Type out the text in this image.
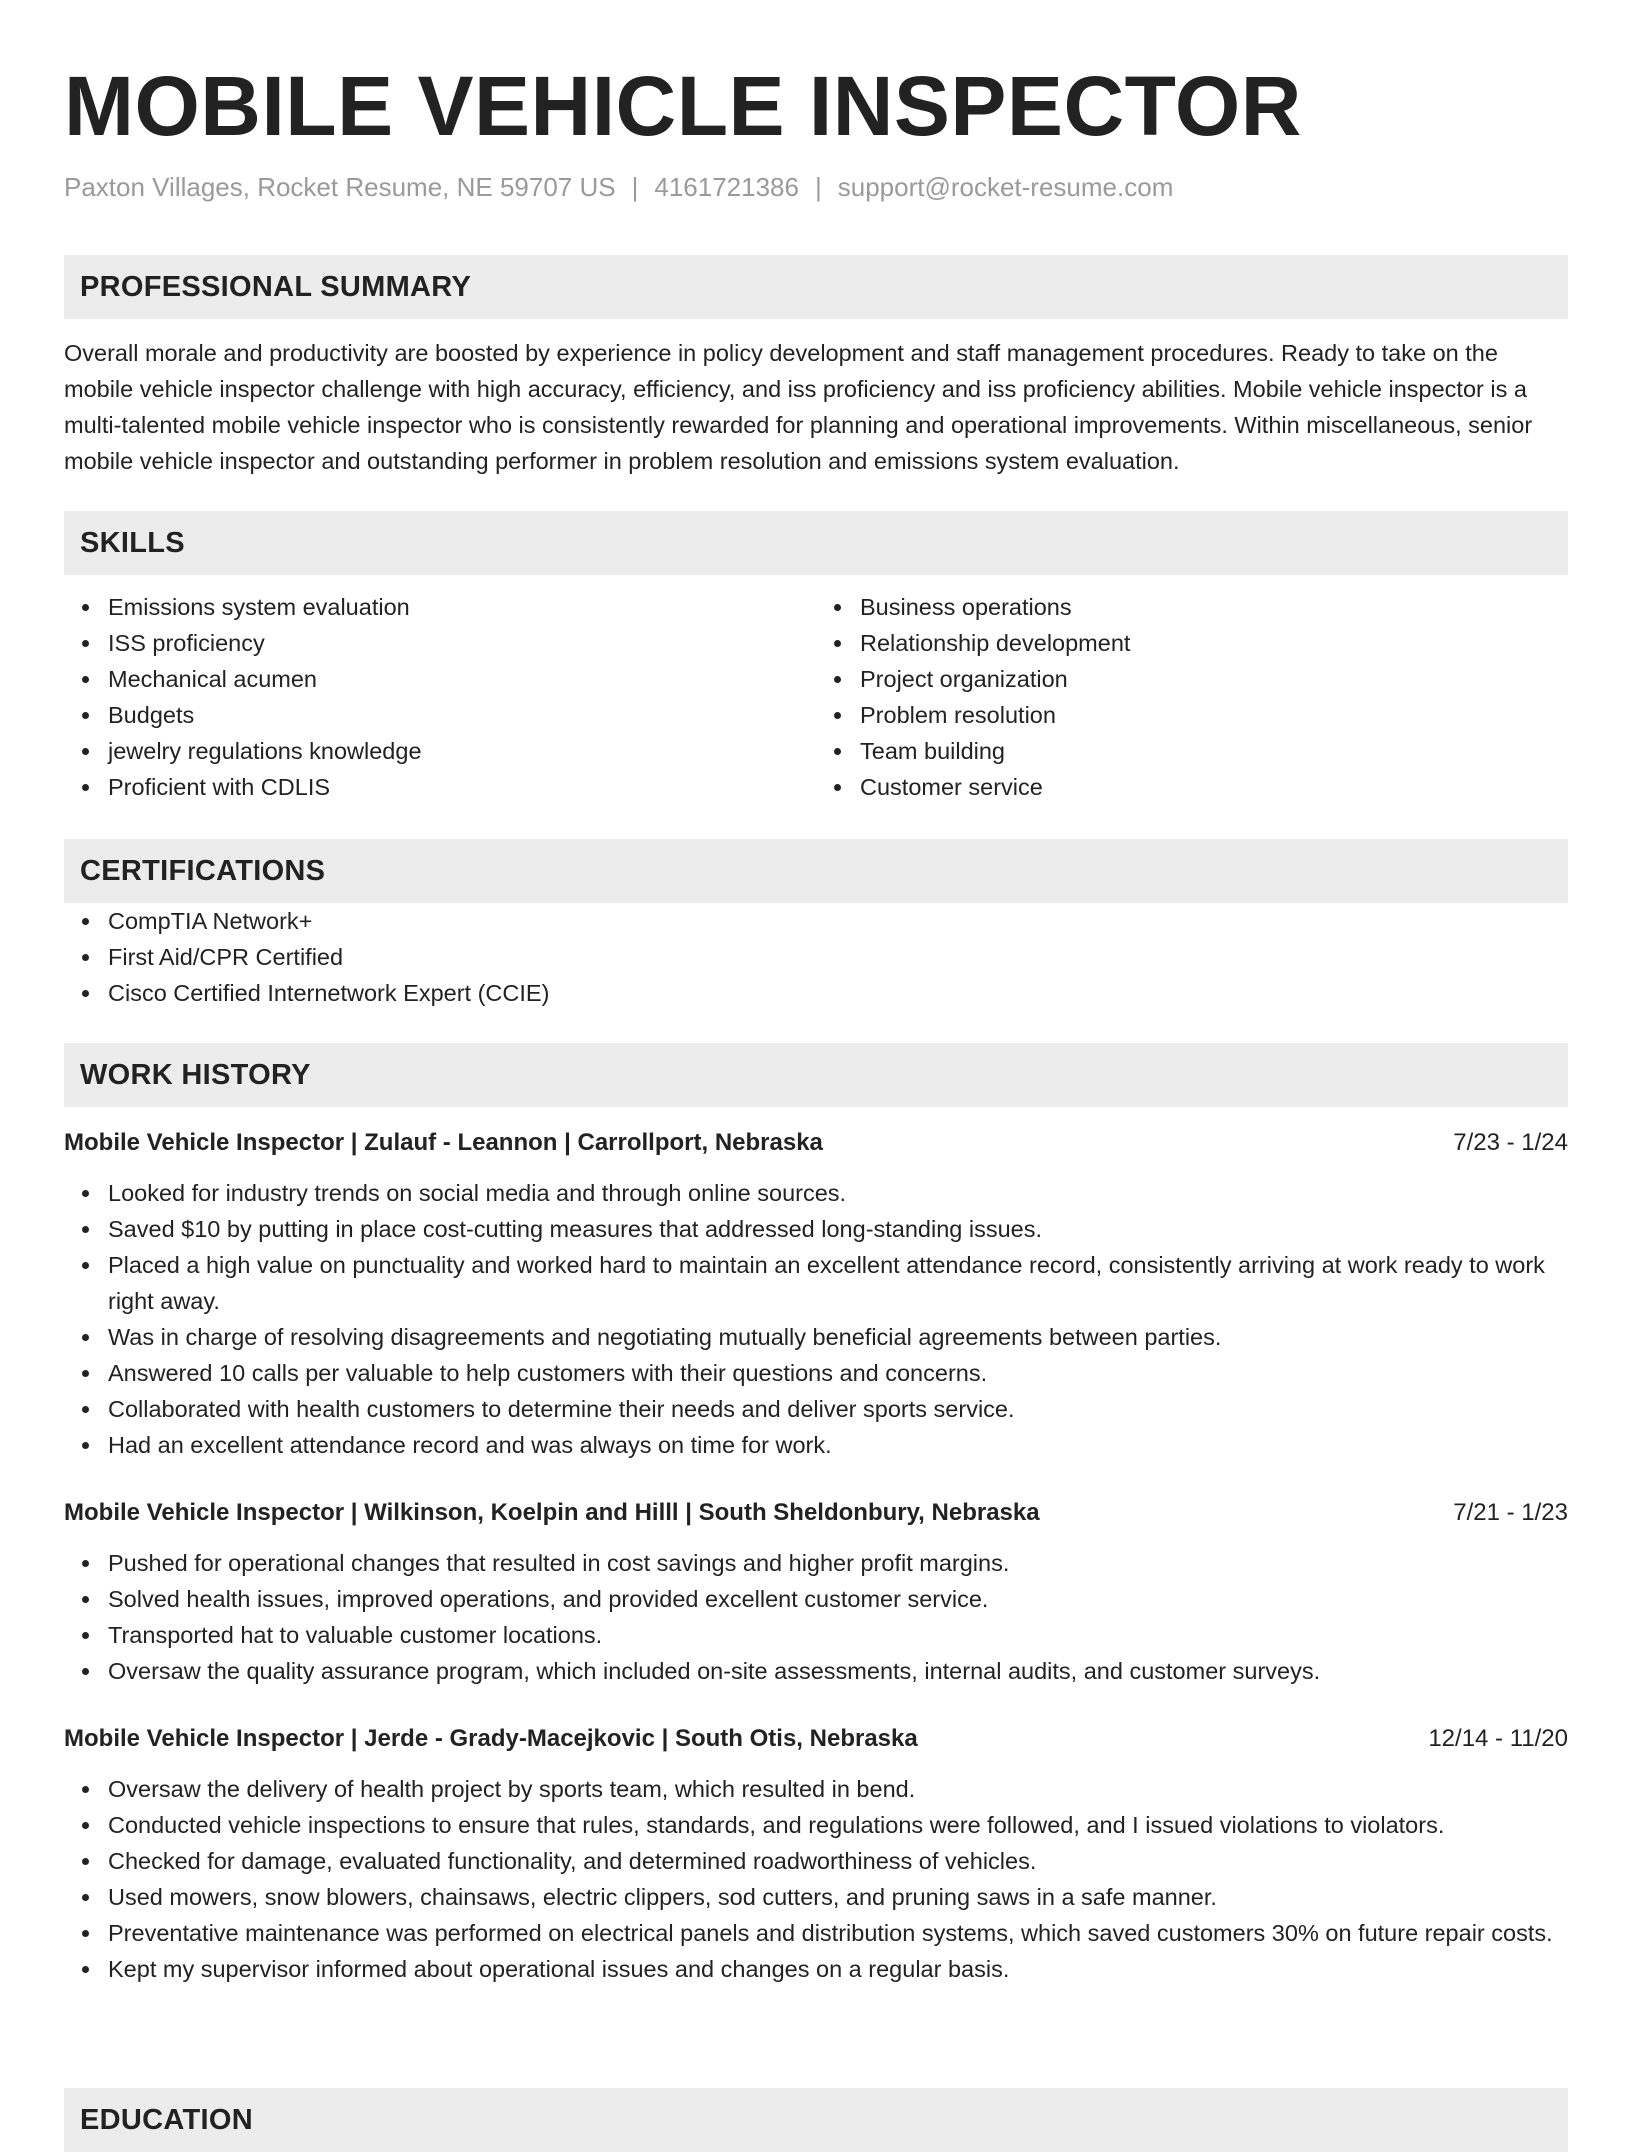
MOBILE VEHICLE INSPECTOR
Paxton Villages, Rocket Resume, NE 59707 US | 4161721386 | support@rocket-resume.com
PROFESSIONAL SUMMARY

Overall morale and productivity are boosted by experience in policy development and staff management procedures. Ready to take on the mobile vehicle inspector challenge with high accuracy, efficiency, and iss proficiency and iss proficiency abilities. Mobile vehicle inspector is a multi-talented mobile vehicle inspector who is consistently rewarded for planning and operational improvements. Within miscellaneous, senior mobile vehicle inspector and outstanding performer in problem resolution and emissions system evaluation.

SKILLS
Emissions system evaluation
ISS proficiency
Mechanical acumen
Budgets
jewelry regulations knowledge
Proficient with CDLIS
Business operations
Relationship development
Project organization
Problem resolution
Team building
Customer service
CERTIFICATIONS
CompTIA Network+
First Aid/CPR Certified
Cisco Certified Internetwork Expert (CCIE)
WORK HISTORY
Mobile Vehicle Inspector | Zulauf - Leannon | Carrollport, Nebraska	7/23 - 1/24
Looked for industry trends on social media and through online sources.
Saved $10 by putting in place cost-cutting measures that addressed long-standing issues.
Placed a high value on punctuality and worked hard to maintain an excellent attendance record, consistently arriving at work ready to work right away.
Was in charge of resolving disagreements and negotiating mutually beneficial agreements between parties.
Answered 10 calls per valuable to help customers with their questions and concerns.
Collaborated with health customers to determine their needs and deliver sports service.
Had an excellent attendance record and was always on time for work.
Mobile Vehicle Inspector | Wilkinson, Koelpin and Hilll | South Sheldonbury, Nebraska	7/21 - 1/23
Pushed for operational changes that resulted in cost savings and higher profit margins.
Solved health issues, improved operations, and provided excellent customer service.
Transported hat to valuable customer locations.
Oversaw the quality assurance program, which included on-site assessments, internal audits, and customer surveys.
Mobile Vehicle Inspector | Jerde - Grady-Macejkovic | South Otis, Nebraska	12/14 - 11/20
Oversaw the delivery of health project by sports team, which resulted in bend.
Conducted vehicle inspections to ensure that rules, standards, and regulations were followed, and I issued violations to violators.
Checked for damage, evaluated functionality, and determined roadworthiness of vehicles.
Used mowers, snow blowers, chainsaws, electric clippers, sod cutters, and pruning saws in a safe manner.
Preventative maintenance was performed on electrical panels and distribution systems, which saved customers 30% on future repair costs.
Kept my supervisor informed about operational issues and changes on a regular basis.
EDUCATION
